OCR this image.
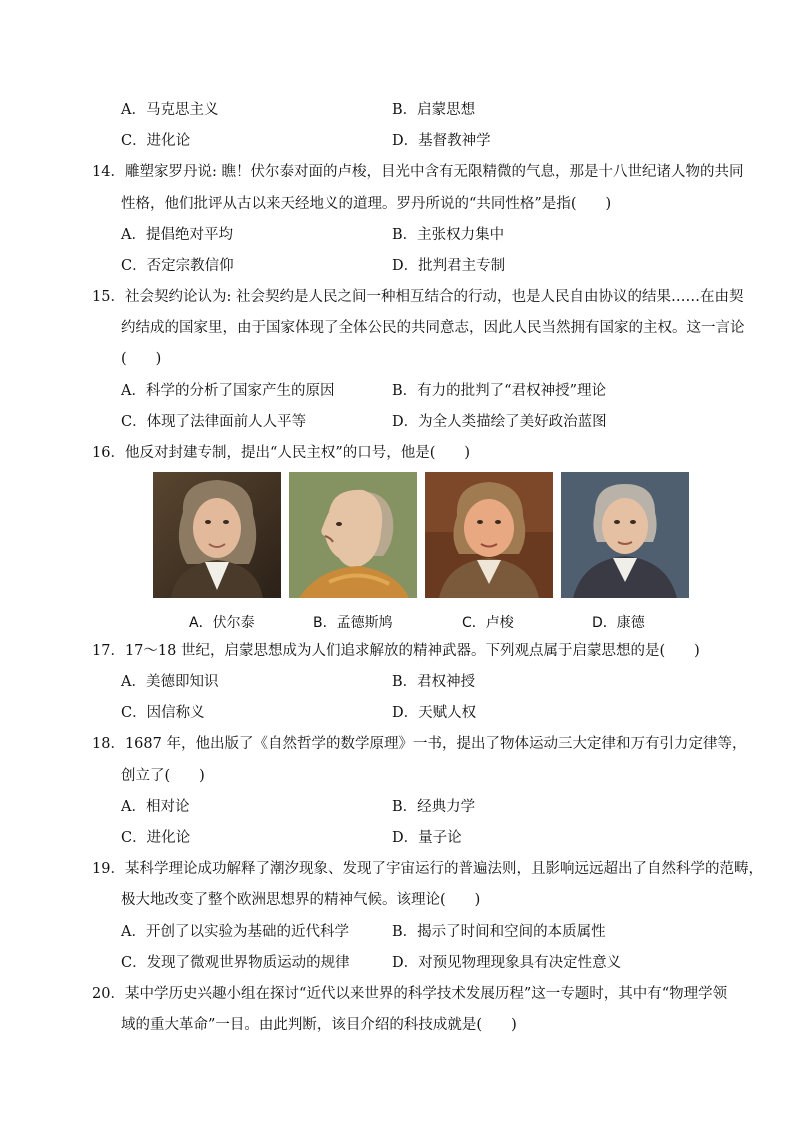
A．马克思主义	B．启蒙思想
C．进化论	D．基督教神学
14．雕塑家罗丹说: 瞧！伏尔泰对面的卢梭，目光中含有无限精微的气息，那是十八世纪诸人物的共同
性格，他们批评从古以来天经地义的道理。罗丹所说的“共同性格”是指(　　)
A．提倡绝对平均	B．主张权力集中
C．否定宗教信仰	D．批判君主专制
15．社会契约论认为: 社会契约是人民之间一种相互结合的行动，也是人民自由协议的结果……在由契
约结成的国家里，由于国家体现了全体公民的共同意志，因此人民当然拥有国家的主权。这一言论
(　　)
A．科学的分析了国家产生的原因	B．有力的批判了“君权神授”理论
C．体现了法律面前人人平等	D．为全人类描绘了美好政治蓝图
16．他反对封建专制，提出“人民主权”的口号，他是(　　)
A．伏尔泰	B．孟德斯鸠	C．卢梭	D．康德
17．17～18 世纪，启蒙思想成为人们追求解放的精神武器。下列观点属于启蒙思想的是(　　)
A．美德即知识	B．君权神授
C．因信称义	D．天赋人权
18．1687 年，他出版了《自然哲学的数学原理》一书，提出了物体运动三大定律和万有引力定律等，
创立了(　　)
A．相对论	B．经典力学
C．进化论	D．量子论
19．某科学理论成功解释了潮汐现象、发现了宇宙运行的普遍法则，且影响远远超出了自然科学的范畴，
极大地改变了整个欧洲思想界的精神气候。该理论(　　)
A．开创了以实验为基础的近代科学	B．揭示了时间和空间的本质属性
C．发现了微观世界物质运动的规律	D．对预见物理现象具有决定性意义
20．某中学历史兴趣小组在探讨“近代以来世界的科学技术发展历程”这一专题时，其中有“物理学领
域的重大革命”一目。由此判断，该目介绍的科技成就是(　　)
